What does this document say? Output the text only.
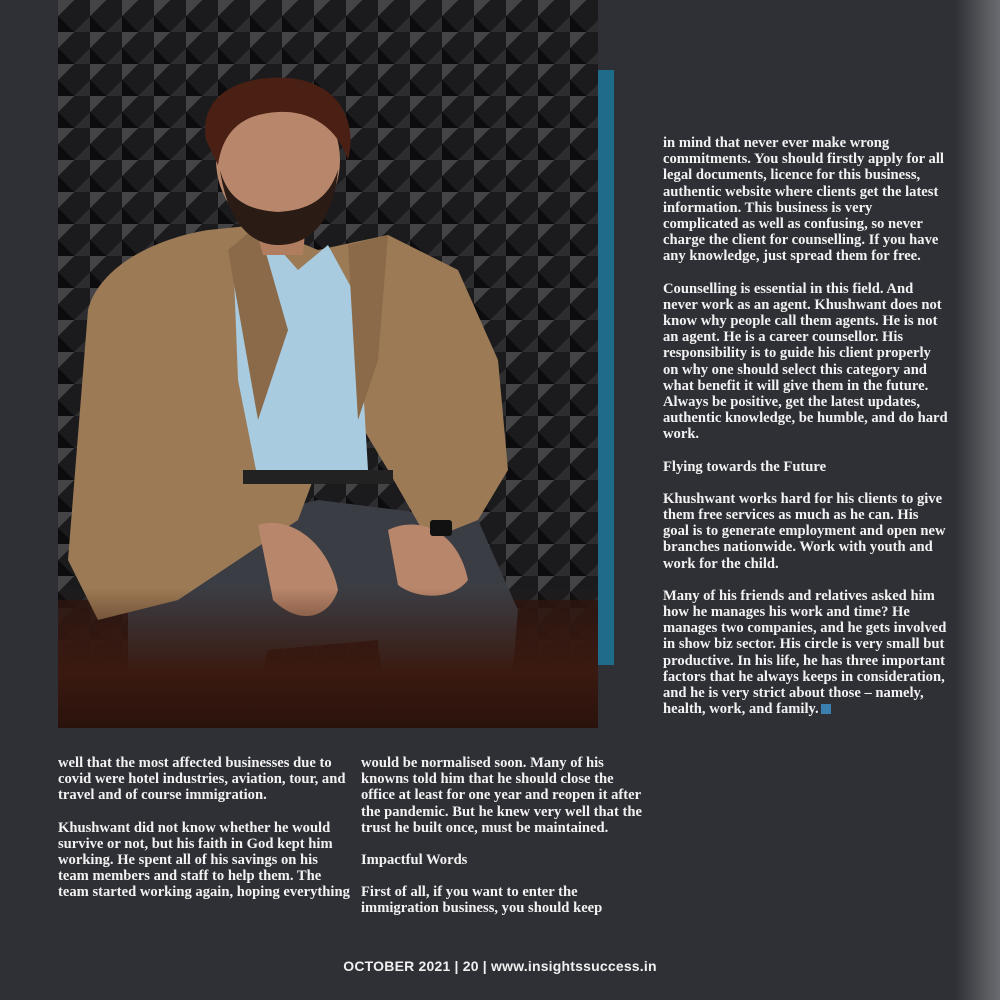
well that the most affected businesses due to covid were hotel industries, aviation, tour, and travel and of course immigration.

Khushwant did not know whether he would survive or not, but his faith in God kept him working. He spent all of his savings on his team members and staff to help them. The team started working again, hoping everything

would be normalised soon. Many of his knowns told him that he should close the office at least for one year and reopen it after the pandemic. But he knew very well that the trust he built once, must be maintained.

Impactful Words

First of all, if you want to enter the immigration business, you should keep

in mind that never ever make wrong commitments. You should firstly apply for all legal documents, licence for this business, authentic website where clients get the latest information. This business is very complicated as well as confusing, so never charge the client for counselling. If you have any knowledge, just spread them for free.

Counselling is essential in this field. And never work as an agent. Khushwant does not know why people call them agents. He is not an agent. He is a career counsellor. His responsibility is to guide his client properly on why one should select this category and what benefit it will give them in the future. Always be positive, get the latest updates, authentic knowledge, be humble, and do hard work.

Flying towards the Future

Khushwant works hard for his clients to give them free services as much as he can. His goal is to generate employment and open new branches nationwide. Work with youth and work for the child.

Many of his friends and relatives asked him how he manages his work and time? He manages two companies, and he gets involved in show biz sector. His circle is very small but productive. In his life, he has three important factors that he always keeps in consideration, and he is very strict about those – namely, health, work, and family.

OCTOBER 2021 | 20 | www.insightssuccess.in
